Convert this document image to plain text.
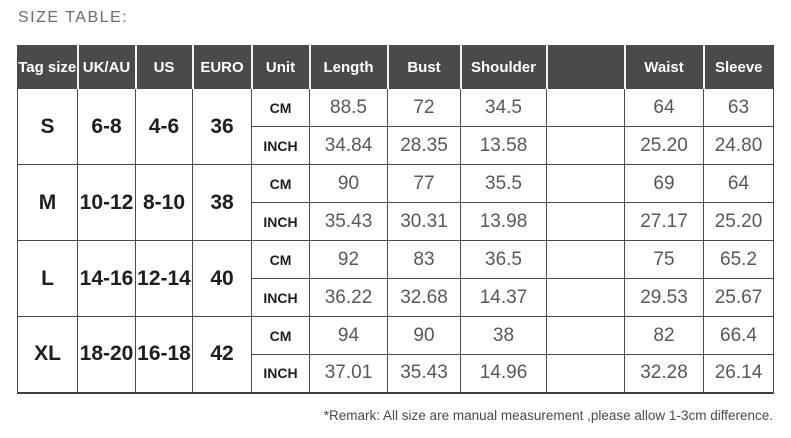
SIZE TABLE:
Tag size	UK/AU	US	EURO	Unit	Length	Bust	Shoulder		Waist	Sleeve
S	6-8	4-6	36	CM	88.5	72	34.5		64	63
				INCH	34.84	28.35	13.58		25.20	24.80
M	10-12	8-10	38	CM	90	77	35.5		69	64
				INCH	35.43	30.31	13.98		27.17	25.20
L	14-16	12-14	40	CM	92	83	36.5		75	65.2
				INCH	36.22	32.68	14.37		29.53	25.67
XL	18-20	16-18	42	CM	94	90	38		82	66.4
				INCH	37.01	35.43	14.96		32.28	26.14
*Remark: All size are manual measurement ,please allow 1-3cm difference.
